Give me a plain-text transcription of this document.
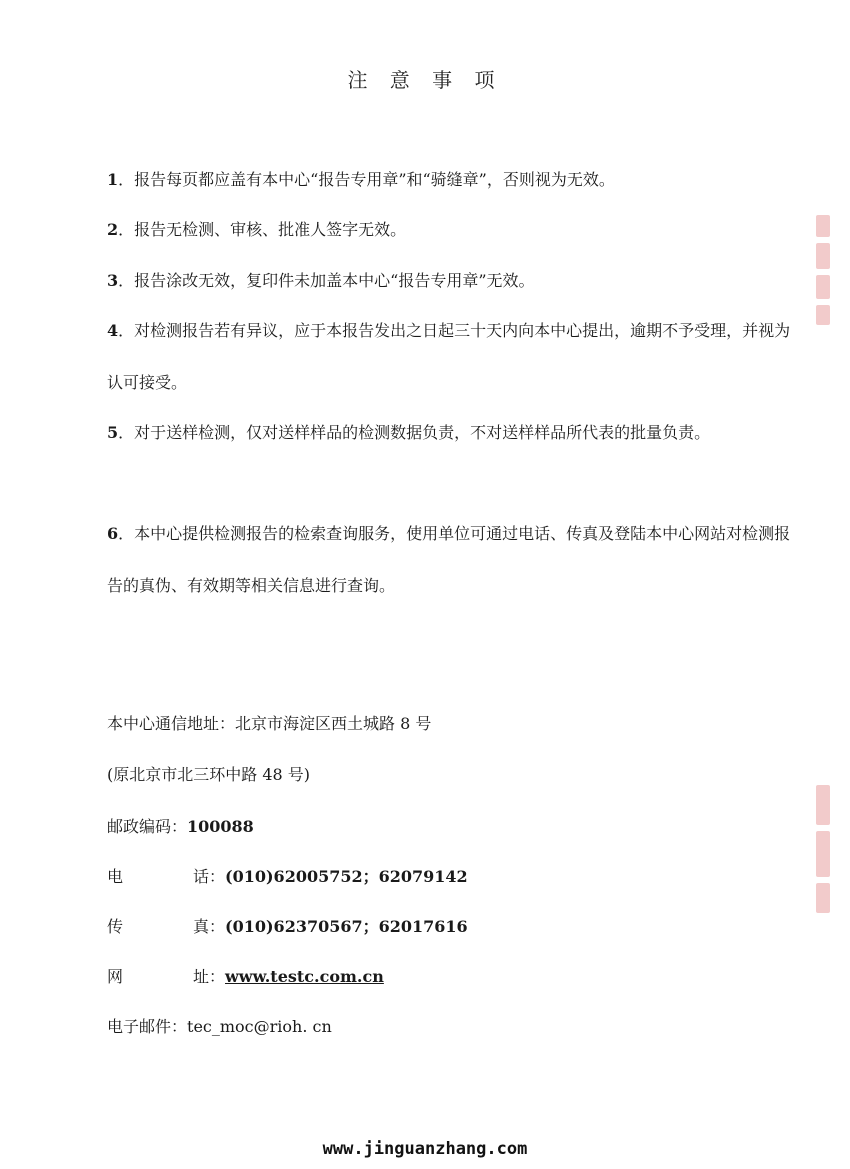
注 意 事 项

1．报告每页都应盖有本中心“报告专用章”和“骑缝章”，否则视为无效。

2．报告无检测、审核、批准人签字无效。

3．报告涂改无效，复印件未加盖本中心“报告专用章”无效。

4．对检测报告若有异议，应于本报告发出之日起三十天内向本中心提出，逾期不予受理，并视为认可接受。

5．对于送样检测，仅对送样样品的检测数据负责，不对送样样品所代表的批量负责。

6．本中心提供检测报告的检索查询服务，使用单位可通过电话、传真及登陆本中心网站对检测报告的真伪、有效期等相关信息进行查询。

本中心通信地址：北京市海淀区西土城路 8 号
(原北京市北三环中路 48 号)
邮政编码：100088
电	话：(010)62005752；62079142
传	真：(010)62370567；62017616
网	址：www.testc.com.cn
电子邮件：tec_moc@rioh. cn
www.jinguanzhang.com
